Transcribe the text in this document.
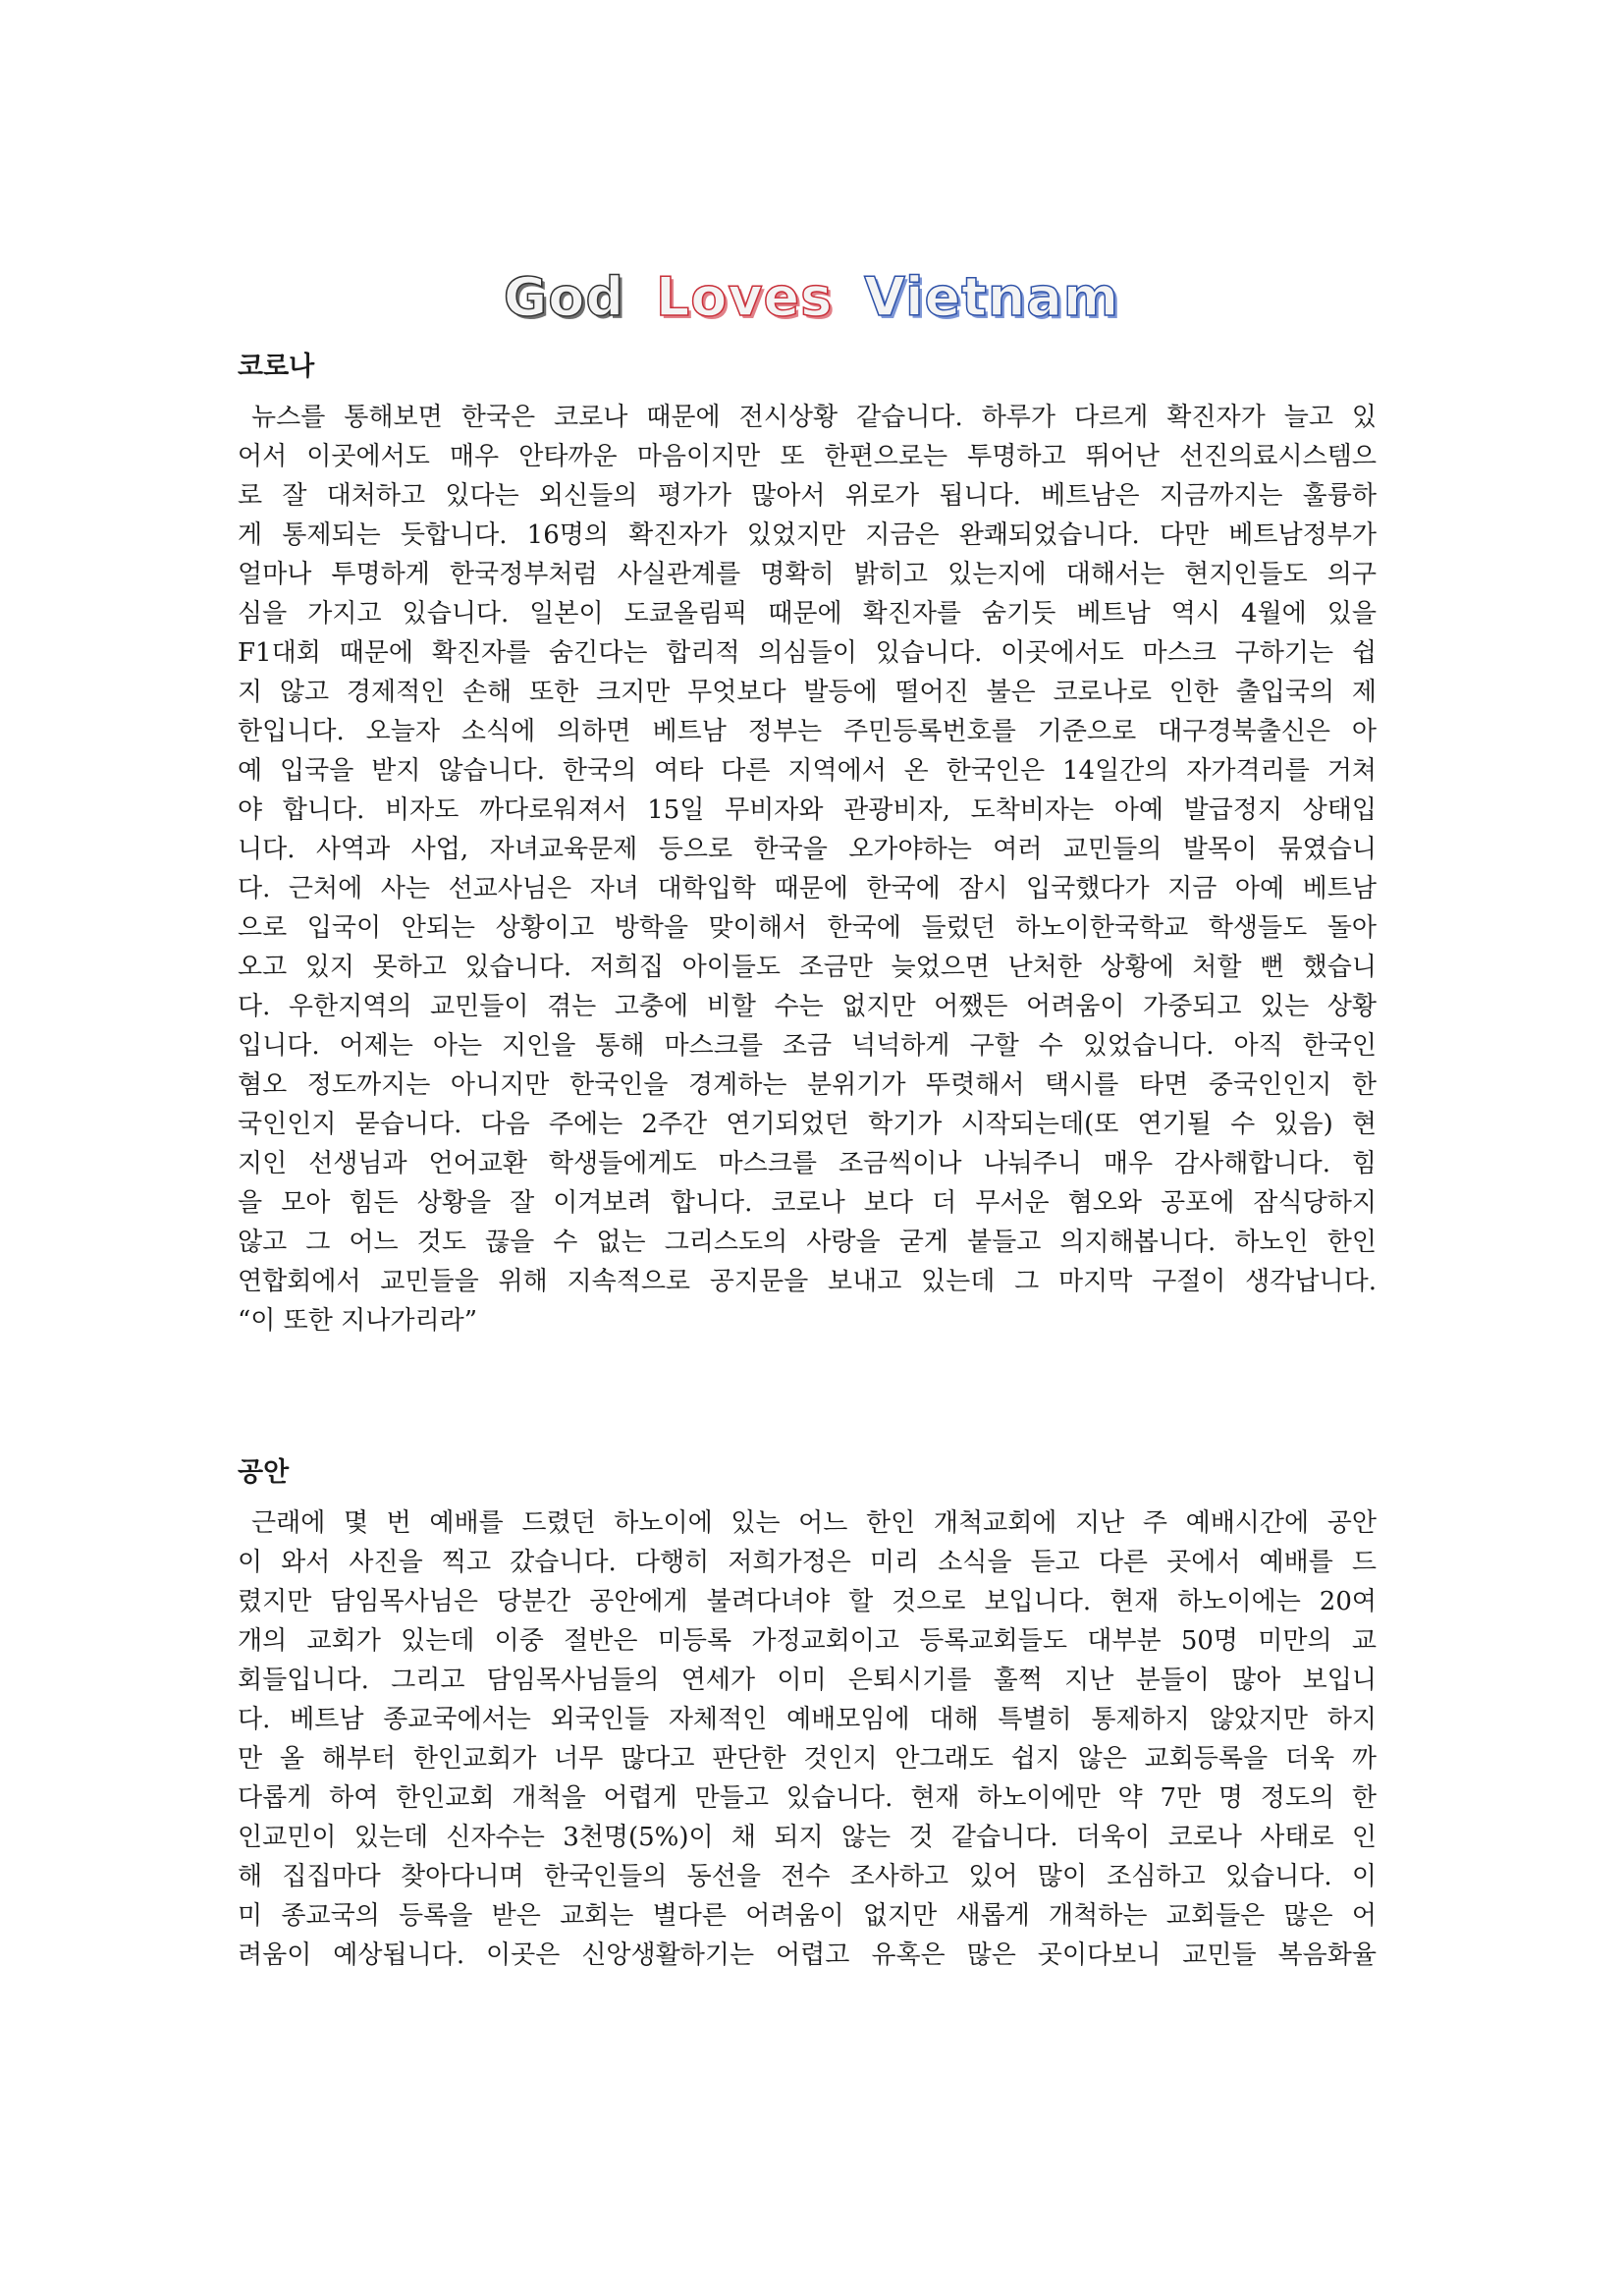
God Loves Vietnam
코로나
뉴스를 통해보면 한국은 코로나 때문에 전시상황 같습니다. 하루가 다르게 확진자가 늘고 있
어서 이곳에서도 매우 안타까운 마음이지만 또 한편으로는 투명하고 뛰어난 선진의료시스템으
로 잘 대처하고 있다는 외신들의 평가가 많아서 위로가 됩니다. 베트남은 지금까지는 훌륭하
게 통제되는 듯합니다. 16명의 확진자가 있었지만 지금은 완쾌되었습니다. 다만 베트남정부가
얼마나 투명하게 한국정부처럼 사실관계를 명확히 밝히고 있는지에 대해서는 현지인들도 의구
심을 가지고 있습니다. 일본이 도쿄올림픽 때문에 확진자를 숨기듯 베트남 역시 4월에 있을
F1대회 때문에 확진자를 숨긴다는 합리적 의심들이 있습니다. 이곳에서도 마스크 구하기는 쉽
지 않고 경제적인 손해 또한 크지만 무엇보다 발등에 떨어진 불은 코로나로 인한 출입국의 제
한입니다. 오늘자 소식에 의하면 베트남 정부는 주민등록번호를 기준으로 대구경북출신은 아
예 입국을 받지 않습니다. 한국의 여타 다른 지역에서 온 한국인은 14일간의 자가격리를 거쳐
야 합니다. 비자도 까다로워져서 15일 무비자와 관광비자, 도착비자는 아예 발급정지 상태입
니다. 사역과 사업, 자녀교육문제 등으로 한국을 오가야하는 여러 교민들의 발목이 묶였습니
다. 근처에 사는 선교사님은 자녀 대학입학 때문에 한국에 잠시 입국했다가 지금 아예 베트남
으로 입국이 안되는 상황이고 방학을 맞이해서 한국에 들렀던 하노이한국학교 학생들도 돌아
오고 있지 못하고 있습니다. 저희집 아이들도 조금만 늦었으면 난처한 상황에 처할 뻔 했습니
다. 우한지역의 교민들이 겪는 고충에 비할 수는 없지만 어쨌든 어려움이 가중되고 있는 상황
입니다. 어제는 아는 지인을 통해 마스크를 조금 넉넉하게 구할 수 있었습니다. 아직 한국인
혐오 정도까지는 아니지만 한국인을 경계하는 분위기가 뚜렷해서 택시를 타면 중국인인지 한
국인인지 묻습니다. 다음 주에는 2주간 연기되었던 학기가 시작되는데(또 연기될 수 있음) 현
지인 선생님과 언어교환 학생들에게도 마스크를 조금씩이나 나눠주니 매우 감사해합니다. 힘
을 모아 힘든 상황을 잘 이겨보려 합니다. 코로나 보다 더 무서운 혐오와 공포에 잠식당하지
않고 그 어느 것도 끊을 수 없는 그리스도의 사랑을 굳게 붙들고 의지해봅니다. 하노인 한인
연합회에서 교민들을 위해 지속적으로 공지문을 보내고 있는데 그 마지막 구절이 생각납니다.
“이 또한 지나가리라”
공안
근래에 몇 번 예배를 드렸던 하노이에 있는 어느 한인 개척교회에 지난 주 예배시간에 공안
이 와서 사진을 찍고 갔습니다. 다행히 저희가정은 미리 소식을 듣고 다른 곳에서 예배를 드
렸지만 담임목사님은 당분간 공안에게 불려다녀야 할 것으로 보입니다. 현재 하노이에는 20여
개의 교회가 있는데 이중 절반은 미등록 가정교회이고 등록교회들도 대부분 50명 미만의 교
회들입니다. 그리고 담임목사님들의 연세가 이미 은퇴시기를 훌쩍 지난 분들이 많아 보입니
다. 베트남 종교국에서는 외국인들 자체적인 예배모임에 대해 특별히 통제하지 않았지만 하지
만 올 해부터 한인교회가 너무 많다고 판단한 것인지 안그래도 쉽지 않은 교회등록을 더욱 까
다롭게 하여 한인교회 개척을 어렵게 만들고 있습니다. 현재 하노이에만 약 7만 명 정도의 한
인교민이 있는데 신자수는 3천명(5%)이 채 되지 않는 것 같습니다. 더욱이 코로나 사태로 인
해 집집마다 찾아다니며 한국인들의 동선을 전수 조사하고 있어 많이 조심하고 있습니다. 이
미 종교국의 등록을 받은 교회는 별다른 어려움이 없지만 새롭게 개척하는 교회들은 많은 어
려움이 예상됩니다. 이곳은 신앙생활하기는 어렵고 유혹은 많은 곳이다보니 교민들 복음화율
